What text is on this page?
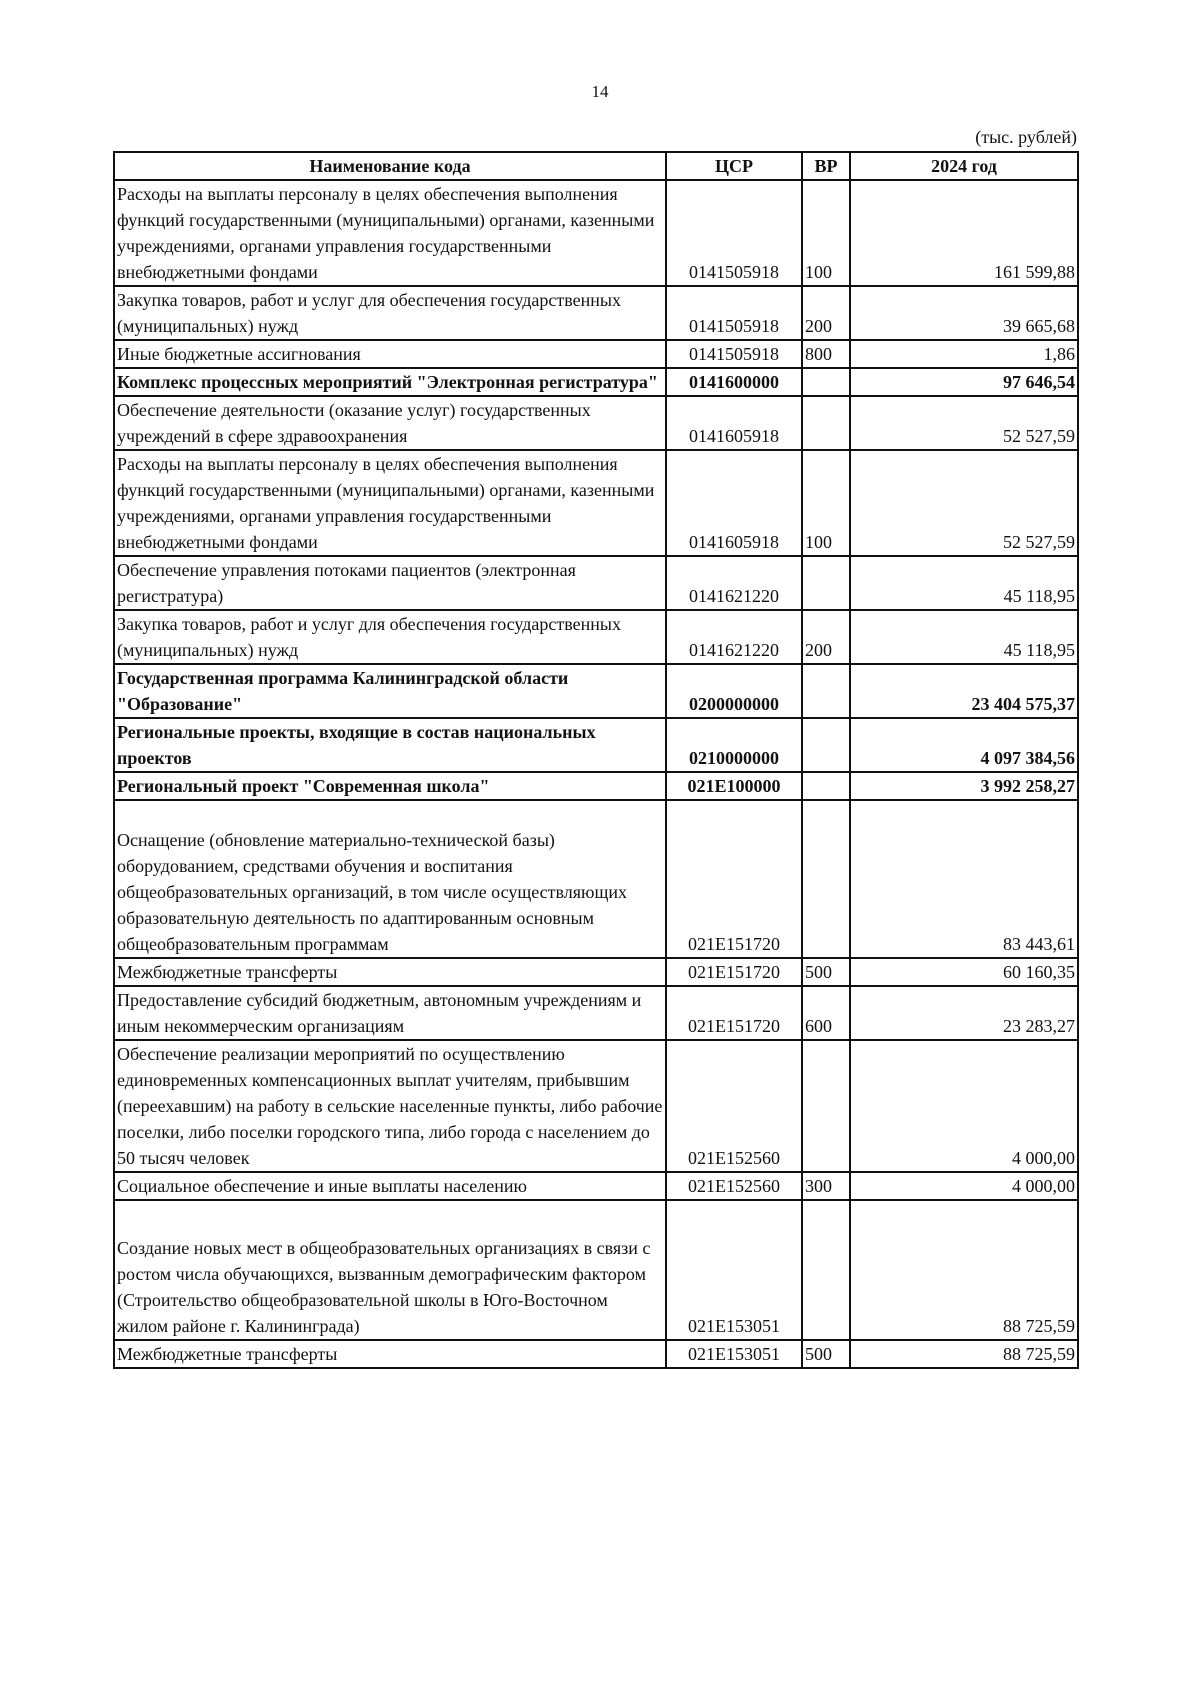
14
(тыс. рублей)
Наименование кода	ЦСР	ВР	2024 год
Расходы на выплаты персоналу в целях обеспечения выполнения функций государственными (муниципальными) органами, казенными учреждениями, органами управления государственными внебюджетными фондами	0141505918	100	161 599,88
Закупка товаров, работ и услуг для обеспечения государственных (муниципальных) нужд	0141505918	200	39 665,68
Иные бюджетные ассигнования	0141505918	800	1,86
Комплекс процессных мероприятий "Электронная регистратура"	0141600000		97 646,54
Обеспечение деятельности (оказание услуг) государственных учреждений в сфере здравоохранения	0141605918		52 527,59
Расходы на выплаты персоналу в целях обеспечения выполнения функций государственными (муниципальными) органами, казенными учреждениями, органами управления государственными внебюджетными фондами	0141605918	100	52 527,59
Обеспечение управления потоками пациентов (электронная регистратура)	0141621220		45 118,95
Закупка товаров, работ и услуг для обеспечения государственных (муниципальных) нужд	0141621220	200	45 118,95
Государственная программа Калининградской области "Образование"	0200000000		23 404 575,37
Региональные проекты, входящие в состав национальных проектов	0210000000		4 097 384,56
Региональный проект "Современная школа"	021E100000		3 992 258,27
Оснащение (обновление материально-технической базы) оборудованием, средствами обучения и воспитания общеобразовательных организаций, в том числе осуществляющих образовательную деятельность по адаптированным основным общеобразовательным программам	021E151720		83 443,61
Межбюджетные трансферты	021E151720	500	60 160,35
Предоставление субсидий бюджетным, автономным учреждениям и иным некоммерческим организациям	021E151720	600	23 283,27
Обеспечение реализации мероприятий по осуществлению единовременных компенсационных выплат учителям, прибывшим (переехавшим) на работу в сельские населенные пункты, либо рабочие поселки, либо поселки городского типа, либо города с населением до 50 тысяч человек	021E152560		4 000,00
Социальное обеспечение и иные выплаты населению	021E152560	300	4 000,00
Создание новых мест в общеобразовательных организациях в связи с ростом числа обучающихся, вызванным демографическим фактором (Строительство общеобразовательной школы в Юго-Восточном жилом районе г. Калининграда)	021E153051		88 725,59
Межбюджетные трансферты	021E153051	500	88 725,59
